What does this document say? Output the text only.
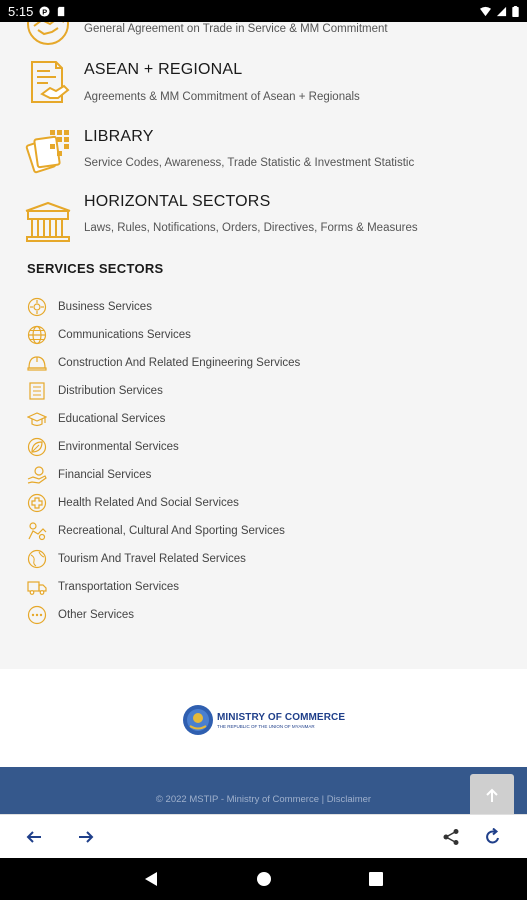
5:15 P
General Agreement on Trade in Service & MM Commitment
ASEAN + REGIONAL
Agreements & MM Commitment of Asean + Regionals
LIBRARY
Service Codes, Awareness, Trade Statistic & Investment Statistic
HORIZONTAL SECTORS
Laws, Rules, Notifications, Orders, Directives, Forms & Measures
SERVICES SECTORS
Business Services
Communications Services
Construction And Related Engineering Services
Distribution Services
Educational Services
Environmental Services
Financial Services
Health Related And Social Services
Recreational, Cultural And Sporting Services
Tourism And Travel Related Services
Transportation Services
Other Services
MINISTRY OF COMMERCE
THE REPUBLIC OF THE UNION OF MYANMAR
© 2022 MSTIP - Ministry of Commerce | Disclaimer
